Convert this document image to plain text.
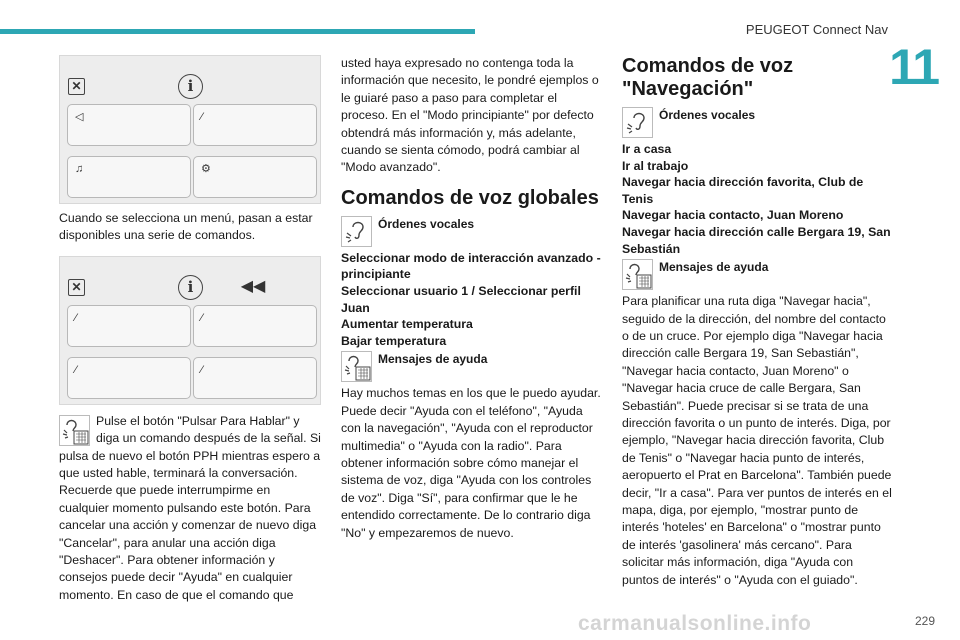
PEUGEOT Connect Nav
11
✕	i
◁	⁄
♫	⚙

Cuando se selecciona un menú, pasan a estar disponibles una serie de comandos.

✕	i	◀◀
⁄	⁄
⁄	⁄

Pulse el botón "Pulsar Para Hablar" y diga un comando después de la señal. Si pulsa de nuevo el botón PPH mientras espero a que usted hable, terminará la conversación. Recuerde que puede interrumpirme en cualquier momento pulsando este botón. Para cancelar una acción y comenzar de nuevo diga "Cancelar", para anular una acción diga "Deshacer". Para obtener información y consejos puede decir "Ayuda" en cualquier momento. En caso de que el comando que

usted haya expresado no contenga toda la información que necesito, le pondré ejemplos o le guiaré paso a paso para completar el proceso. En el "Modo principiante" por defecto obtendrá más información y, más adelante, cuando se sienta cómodo, podrá cambiar al "Modo avanzado".

Comandos de voz globales
Órdenes vocales

Seleccionar modo de interacción avanzado - principiante

Seleccionar usuario 1 / Seleccionar perfil Juan

Aumentar temperatura

Bajar temperatura

Mensajes de ayuda

Hay muchos temas en los que le puedo ayudar. Puede decir "Ayuda con el teléfono", "Ayuda con la navegación", "Ayuda con el reproductor multimedia" o "Ayuda con la radio". Para obtener información sobre cómo manejar el sistema de voz, diga "Ayuda con los controles de voz". Diga "Sí", para confirmar que le he entendido correctamente. De lo contrario diga "No" y empezaremos de nuevo.

Comandos de voz "Navegación"
Órdenes vocales

Ir a casa

Ir al trabajo

Navegar hacia dirección favorita, Club de Tenis

Navegar hacia contacto, Juan Moreno

Navegar hacia dirección calle Bergara 19, San Sebastián

Mensajes de ayuda

Para planificar una ruta diga "Navegar hacia", seguido de la dirección, del nombre del contacto o de un cruce. Por ejemplo diga "Navegar hacia dirección calle Bergara 19, San Sebastián", "Navegar hacia contacto, Juan Moreno" o "Navegar hacia cruce de calle Bergara, San Sebastián". Puede precisar si se trata de una dirección favorita o un punto de interés. Diga, por ejemplo, "Navegar hacia dirección favorita, Club de Tenis" o "Navegar hacia punto de interés, aeropuerto el Prat en Barcelona". También puede decir, "Ir a casa". Para ver puntos de interés en el mapa, diga, por ejemplo, "mostrar punto de interés 'hoteles' en Barcelona" o "mostrar punto de interés 'gasolinera' más cercano". Para solicitar más información, diga "Ayuda con puntos de interés" o "Ayuda con el guiado".

carmanualsonline.info	229
